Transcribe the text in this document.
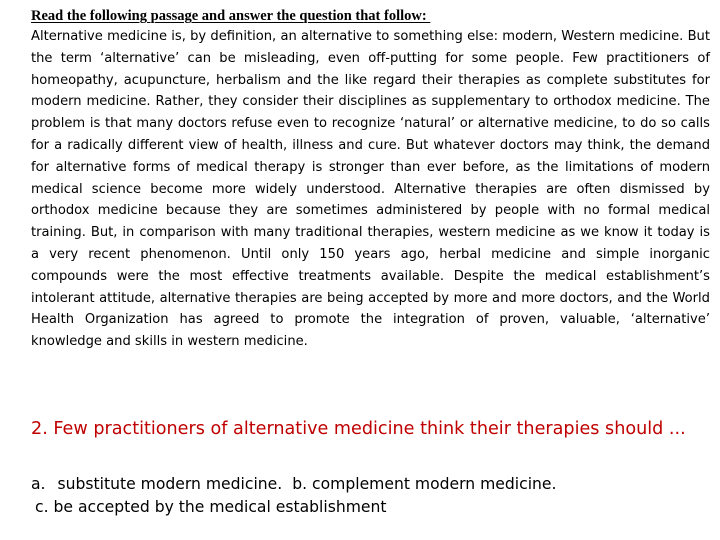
Read the following passage and answer the question that follow:

Alternative medicine is, by definition, an alternative to something else: modern, Western medicine. But the term ‘alternative’ can be misleading, even off-putting for some people. Few practitioners of homeopathy, acupuncture, herbalism and the like regard their therapies as complete substitutes for modern medicine. Rather, they consider their disciplines as supplementary to orthodox medicine. The problem is that many doctors refuse even to recognize ‘natural’ or alternative medicine, to do so calls for a radically different view of health, illness and cure. But whatever doctors may think, the demand for alternative forms of medical therapy is stronger than ever before, as the limitations of modern medical science become more widely understood. Alternative therapies are often dismissed by orthodox medicine because they are sometimes administered by people with no formal medical training. But, in comparison with many traditional therapies, western medicine as we know it today is a very recent phenomenon. Until only 150 years ago, herbal medicine and simple inorganic compounds were the most effective treatments available. Despite the medical establishment’s intolerant attitude, alternative therapies are being accepted by more and more doctors, and the World Health Organization has agreed to promote the integration of proven, valuable, ‘alternative’ knowledge and skills in western medicine.

2. Few practitioners of alternative medicine think their therapies should ...

a. substitute modern medicine. b. complement modern medicine.
c. be accepted by the medical establishment
